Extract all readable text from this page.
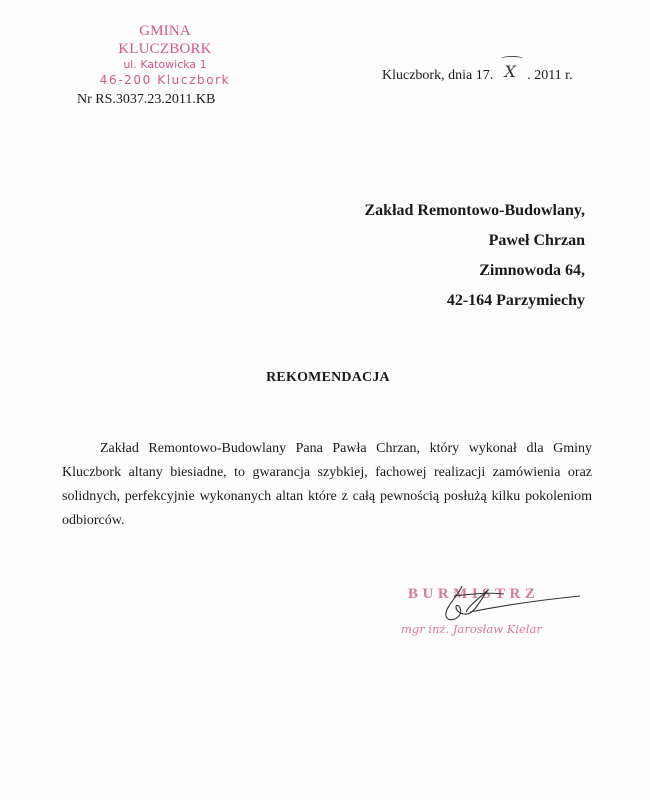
GMINA KLUCZBORK
ul. Katowicka 1
46-200 Kluczbork	Kluczbork, dnia 17. X . 2011 r.
Nr RS.3037.23.2011.KB
Zakład Remontowo-Budowlany,
Paweł Chrzan
Zimnowoda 64,
42-164 Parzymiechy
REKOMENDACJA
Zakład Remontowo-Budowlany Pana Pawła Chrzan, który wykonał dla Gminy Kluczbork altany biesiadne, to gwarancja szybkiej, fachowej realizacji zamówienia oraz solidnych, perfekcyjnie wykonanych altan które z całą pewnością posłużą kilku pokoleniom odbiorców.
BURMISTRZ
mgr inż. Jarosław Kielar
